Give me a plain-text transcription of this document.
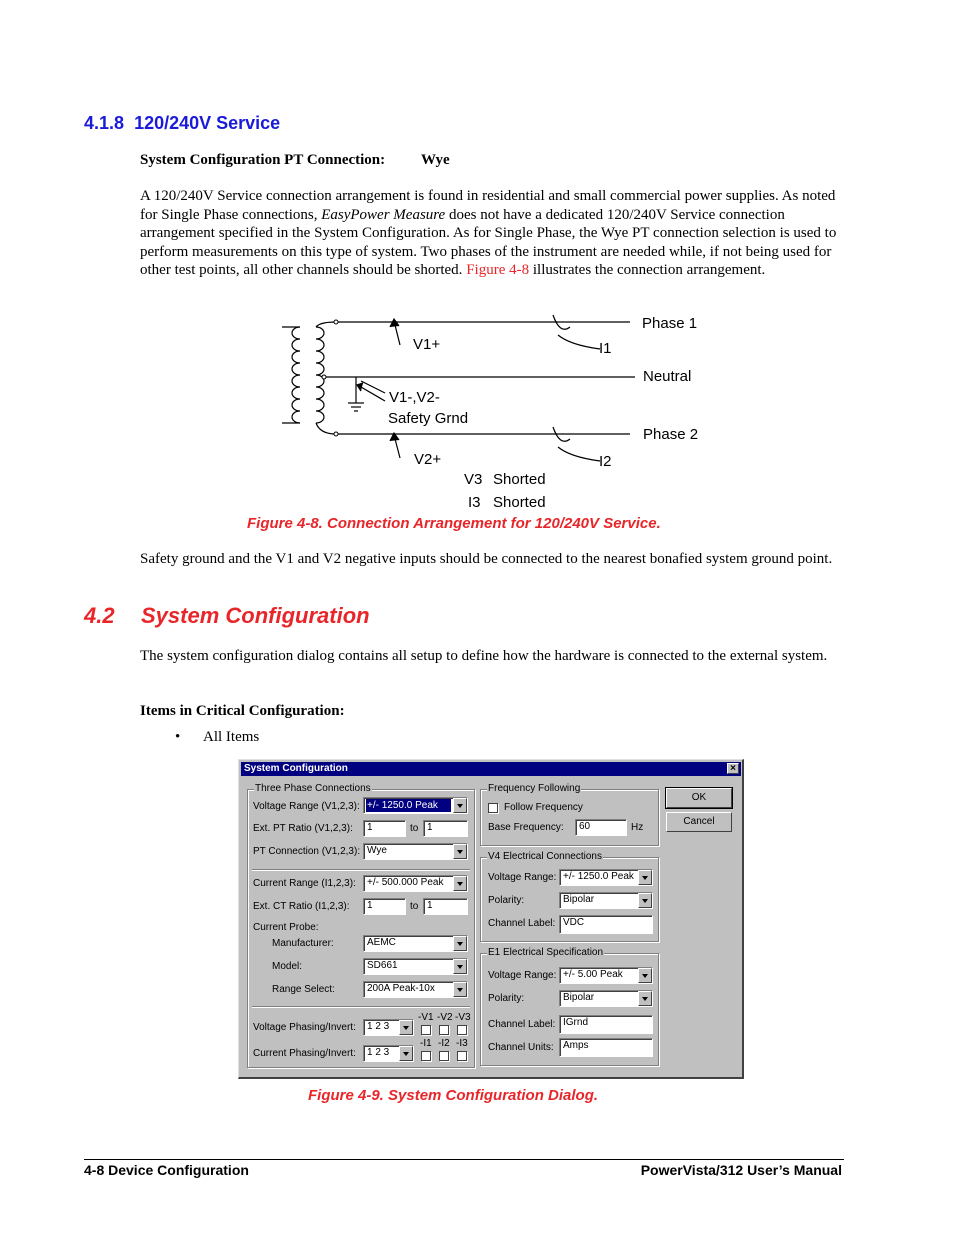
4.1.8 120/240V Service
System Configuration PT Connection: Wye
A 120/240V Service connection arrangement is found in residential and small commercial power supplies. As noted for Single Phase connections, EasyPower Measure does not have a dedicated 120/240V Service connection arrangement specified in the System Configuration. As for Single Phase, the Wye PT connection selection is used to perform measurements on this type of system. Two phases of the instrument are needed while, if not being used for other test points, all other channels should be shorted. Figure 4-8 illustrates the connection arrangement.
V1+
Phase 1
I1
Neutral
V1-,V2-
Safety Grnd
Phase 2
V2+	I2
V3 Shorted
I3 Shorted
Figure 4-8. Connection Arrangement for 120/240V Service.
Safety ground and the V1 and V2 negative inputs should be connected to the nearest bonafied system ground point.
4.2 System Configuration
The system configuration dialog contains all setup to define how the hardware is connected to the external system.
Items in Critical Configuration:
• All Items
System Configuration	×
Three Phase Connections
Voltage Range (V1,2,3): +/- 1250.0 Peak
Ext. PT Ratio (V1,2,3):	1	to 1
PT Connection (V1,2,3): Wye
Current Range (I1,2,3): +/- 500.000 Peak
Ext. CT Ratio (I1,2,3):	1	to 1
Current Probe:
Manufacturer:	AEMC
Model:	SD661
Range Select:	200A Peak-10x
Voltage Phasing/Invert: 1 2 3
-V1 -V2 -V3
Current Phasing/Invert: 1 2 3
-I1 -I2 -I3
Frequency Following
Follow Frequency
Base Frequency:	60	Hz
V4 Electrical Connections
Voltage Range: +/- 1250.0 Peak
Polarity:	Bipolar
Channel Label: VDC
E1 Electrical Specification
Voltage Range: +/- 5.00 Peak
Polarity:	Bipolar
Channel Label: IGrnd
Channel Units: Amps
OK
Cancel
Figure 4-9. System Configuration Dialog.
4-8 Device Configuration	PowerVista/312 User’s Manual
